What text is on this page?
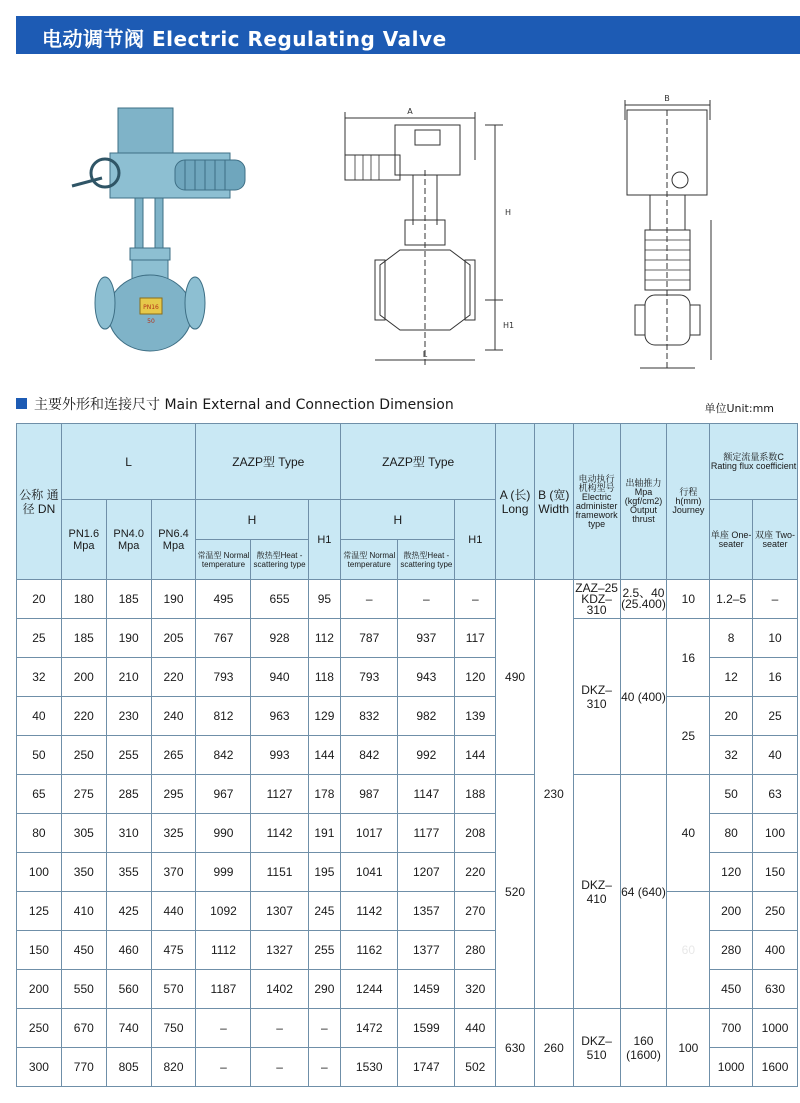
电动调节阀 Electric Regulating Valve
PN16
50
A
H
H1
L
B
主要外形和连接尺寸 Main External and Connection Dimension	单位Unit:mm
公称 通径 DN	L			ZAZP型 Type			ZAZP型 Type			A (长) Long	B (宽) Width	电动执行 机构型号 Electric administer framework type	出轴推力 Mpa (kgf/cm2) Output thrust	行程 h(mm) Journey	额定流量系数C Rating flux coefficient	
	PN1.6 Mpa	PN4.0 Mpa	PN6.4 Mpa	H		H1	H		H1						单座 One- seater	双座 Two- seater
				常温型 Normal temperature	散热型Heat -scattering type		常温型 Normal temperature	散热型Heat -scattering type								
20	180	185	190	495	655	95	–	–	–	490	230	ZAZ–25 KDZ–310	2.5、40 (25.400)	10	1.2–5	–
25	185	190	205	767	928	112	787	937	117			DKZ– 310	40 (400)	16	8	10
32	200	210	220	793	940	118	793	943	120						12	16
40	220	230	240	812	963	129	832	982	139					25	20	25
50	250	255	265	842	993	144	842	992	144						32	40
65	275	285	295	967	1127	178	987	1147	188	520		DKZ– 410	64 (640)	40	50	63
80	305	310	325	990	1142	191	1017	1177	208						80	100
100	350	355	370	999	1151	195	1041	1207	220						120	150
125	410	425	440	1092	1307	245	1142	1357	270					60	200	250
150	450	460	475	1112	1327	255	1162	1377	280						280	400
200	550	560	570	1187	1402	290	1244	1459	320						450	630
250	670	740	750	–	–	–	1472	1599	440	630	260	DKZ– 510	160 (1600)	100	700	1000
300	770	805	820	–	–	–	1530	1747	502						1000	1600
